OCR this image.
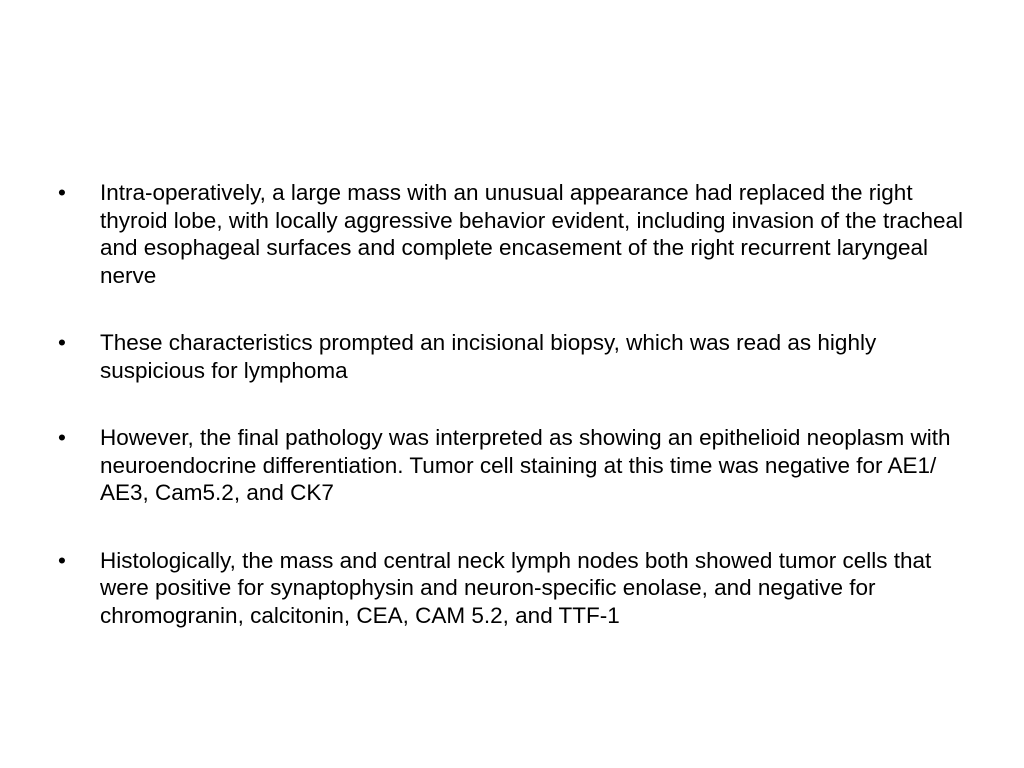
•	Intra-operatively, a large mass with an unusual appearance had replaced the right thyroid lobe, with locally aggressive behavior evident, including invasion of the tracheal and esophageal surfaces and complete encasement of the right recurrent laryngeal nerve
•	These characteristics prompted an incisional biopsy, which was read as highly suspicious for lymphoma
•	However, the final pathology was interpreted as showing an epithelioid neoplasm with neuroendocrine differentiation. Tumor cell staining at this time was negative for AE1/ AE3, Cam5.2, and CK7
•	Histologically, the mass and central neck lymph nodes both showed tumor cells that were positive for synaptophysin and neuron-specific enolase, and negative for chromogranin, calcitonin, CEA, CAM 5.2, and TTF-1
